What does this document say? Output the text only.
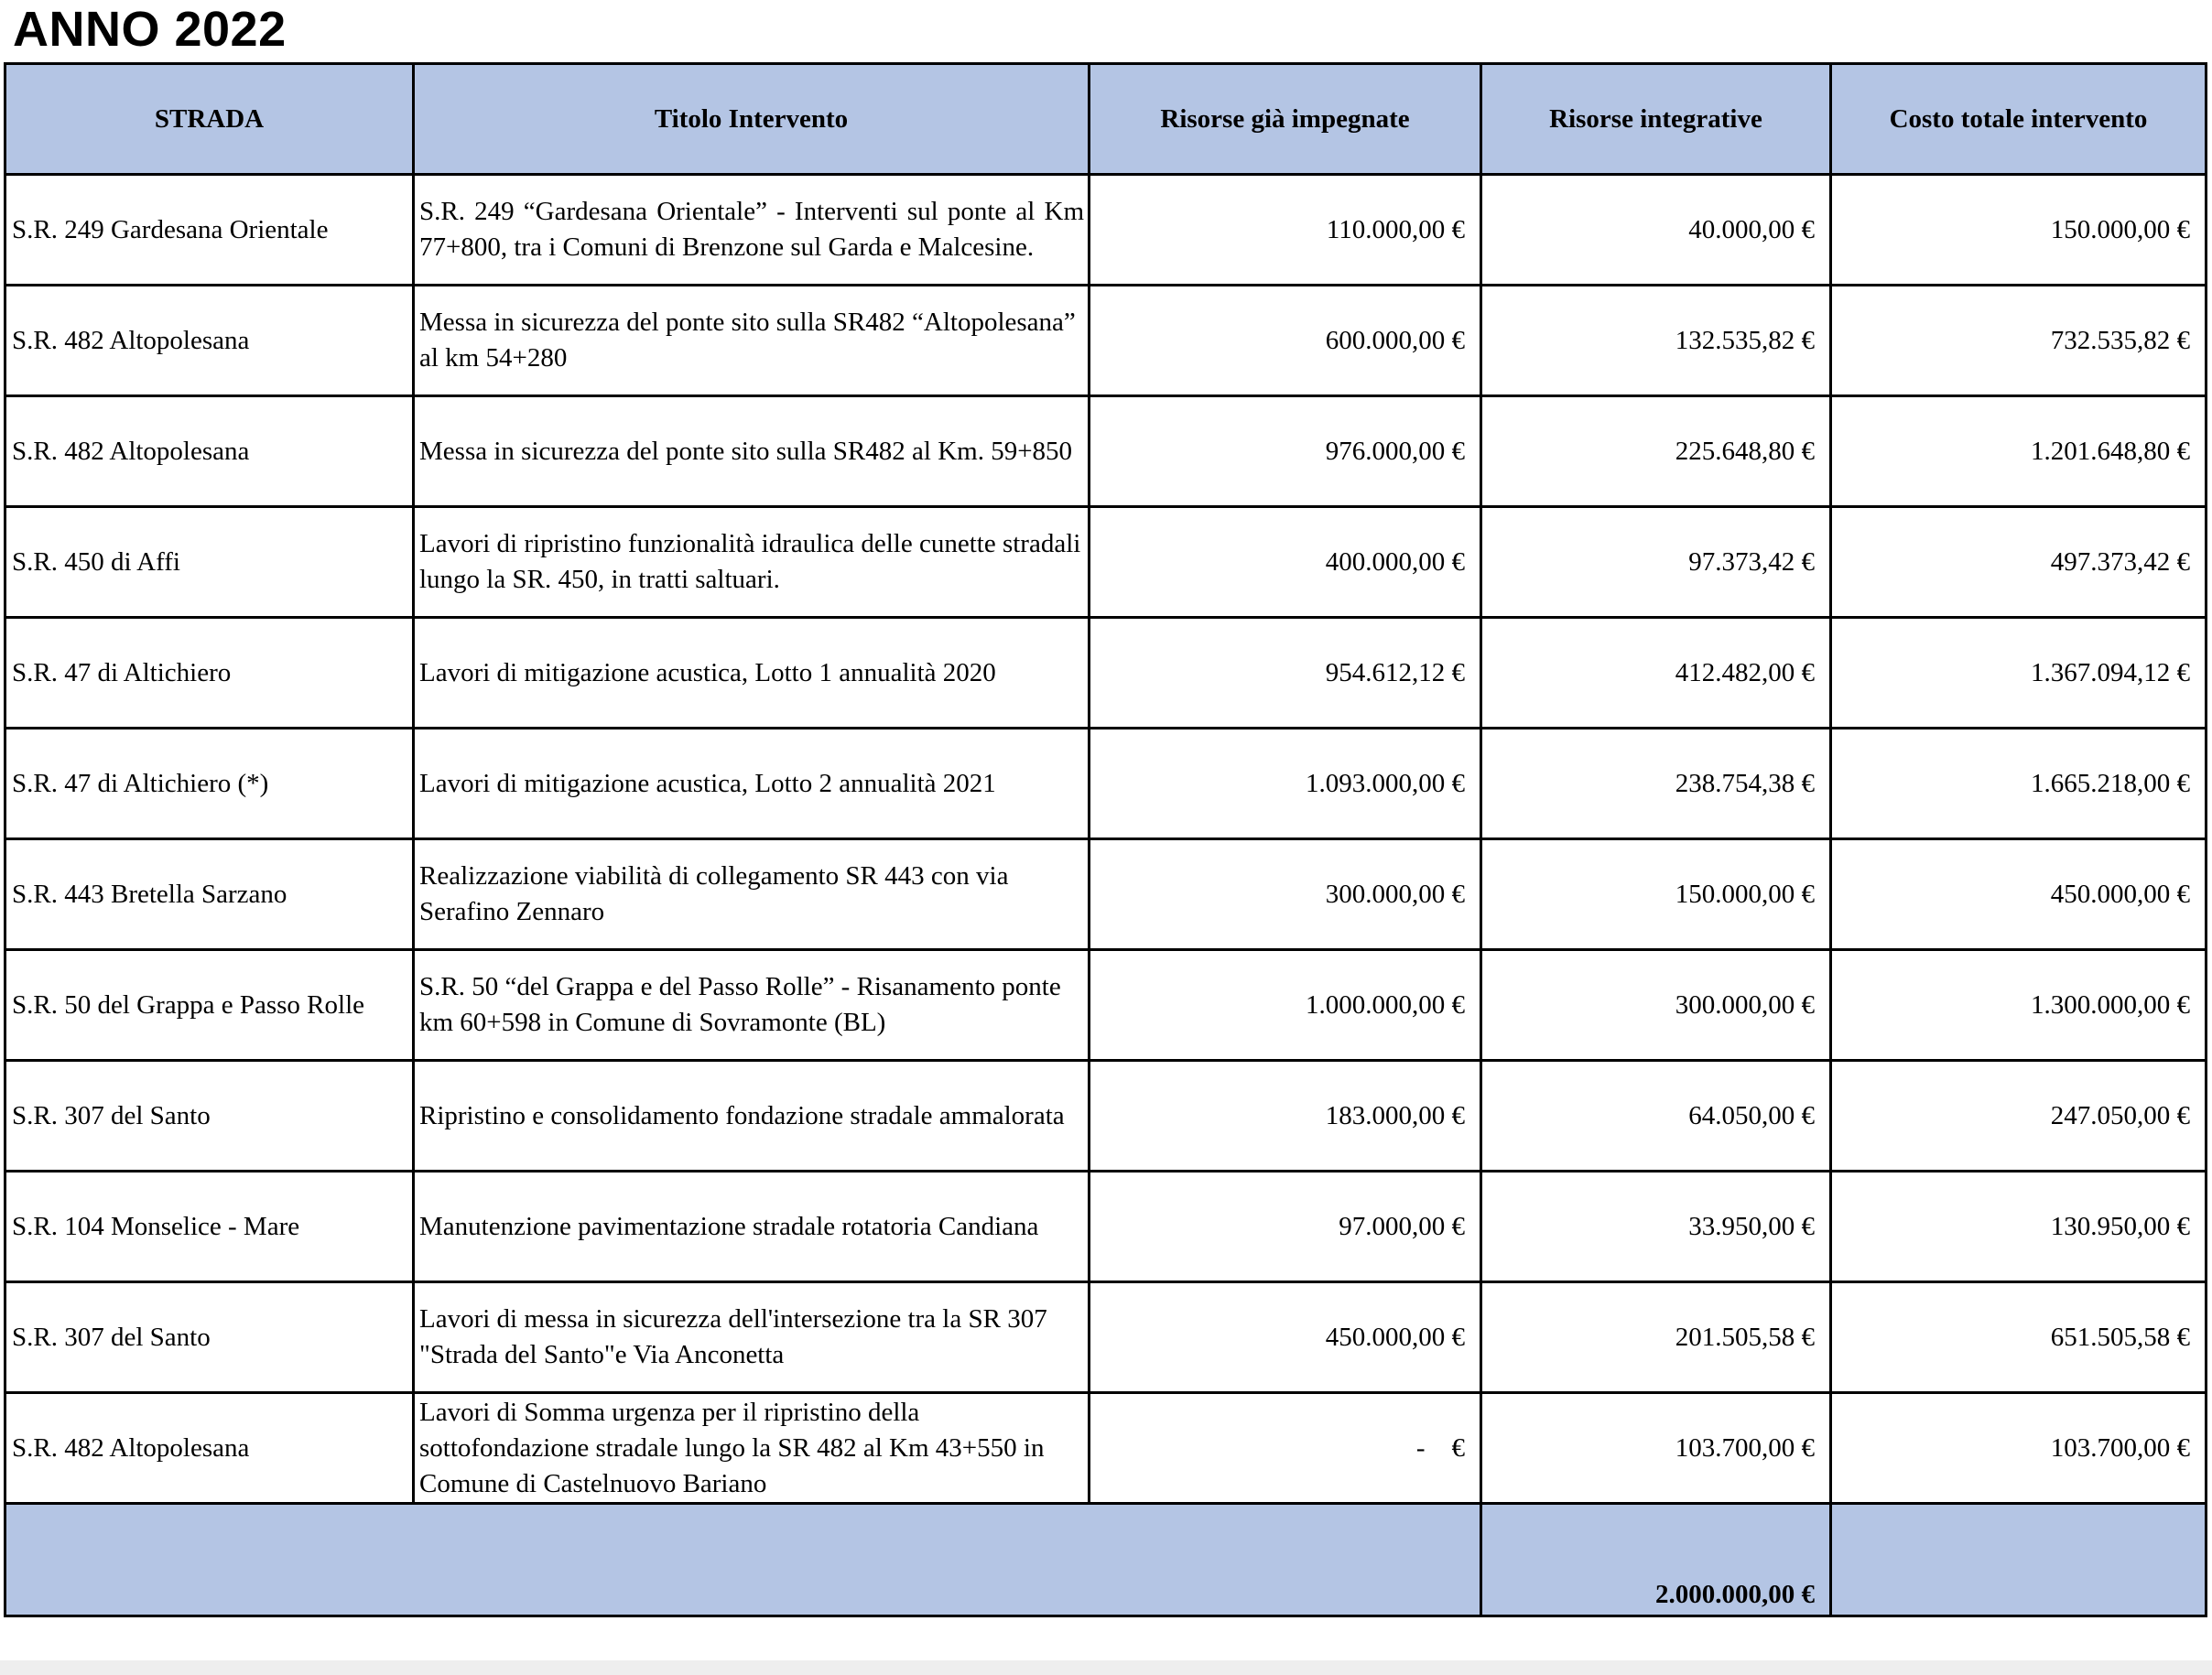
ANNO 2022
STRADA	Titolo Intervento	Risorse già impegnate	Risorse integrative	Costo totale intervento
S.R. 249 Gardesana Orientale	S.R. 249 “Gardesana Orientale” - Interventi sul ponte al Km 77+800, tra i Comuni di Brenzone sul Garda e Malcesine.	110.000,00 €	40.000,00 €	150.000,00 €
S.R. 482 Altopolesana	Messa in sicurezza del ponte sito sulla SR482 “Altopolesana” al km 54+280	600.000,00 €	132.535,82 €	732.535,82 €
S.R. 482 Altopolesana	Messa in sicurezza del ponte sito sulla SR482 al Km. 59+850	976.000,00 €	225.648,80 €	1.201.648,80 €
S.R. 450 di Affi	Lavori di ripristino funzionalità idraulica delle cunette stradali lungo la SR. 450, in tratti saltuari.	400.000,00 €	97.373,42 €	497.373,42 €
S.R. 47 di Altichiero	Lavori di mitigazione acustica, Lotto 1 annualità 2020	954.612,12 €	412.482,00 €	1.367.094,12 €
S.R. 47 di Altichiero (*)	Lavori di mitigazione acustica, Lotto 2 annualità 2021	1.093.000,00 €	238.754,38 €	1.665.218,00 €
S.R. 443 Bretella Sarzano	Realizzazione viabilità di collegamento SR 443 con via Serafino Zennaro	300.000,00 €	150.000,00 €	450.000,00 €
S.R. 50 del Grappa e Passo Rolle	S.R. 50 “del Grappa e del Passo Rolle” - Risanamento ponte km 60+598 in Comune di Sovramonte (BL)	1.000.000,00 €	300.000,00 €	1.300.000,00 €
S.R. 307 del Santo	Ripristino e consolidamento fondazione stradale ammalorata	183.000,00 €	64.050,00 €	247.050,00 €
S.R. 104 Monselice - Mare	Manutenzione pavimentazione stradale rotatoria Candiana	97.000,00 €	33.950,00 €	130.950,00 €
S.R. 307 del Santo	Lavori di messa in sicurezza dell'intersezione tra la SR 307 "Strada del Santo"e Via Anconetta	450.000,00 €	201.505,58 €	651.505,58 €
S.R. 482 Altopolesana	Lavori di Somma urgenza per il ripristino della sottofondazione stradale lungo la SR 482 al Km 43+550 in Comune di Castelnuovo Bariano	-    €	103.700,00 €	103.700,00 €
			2.000.000,00 €	
